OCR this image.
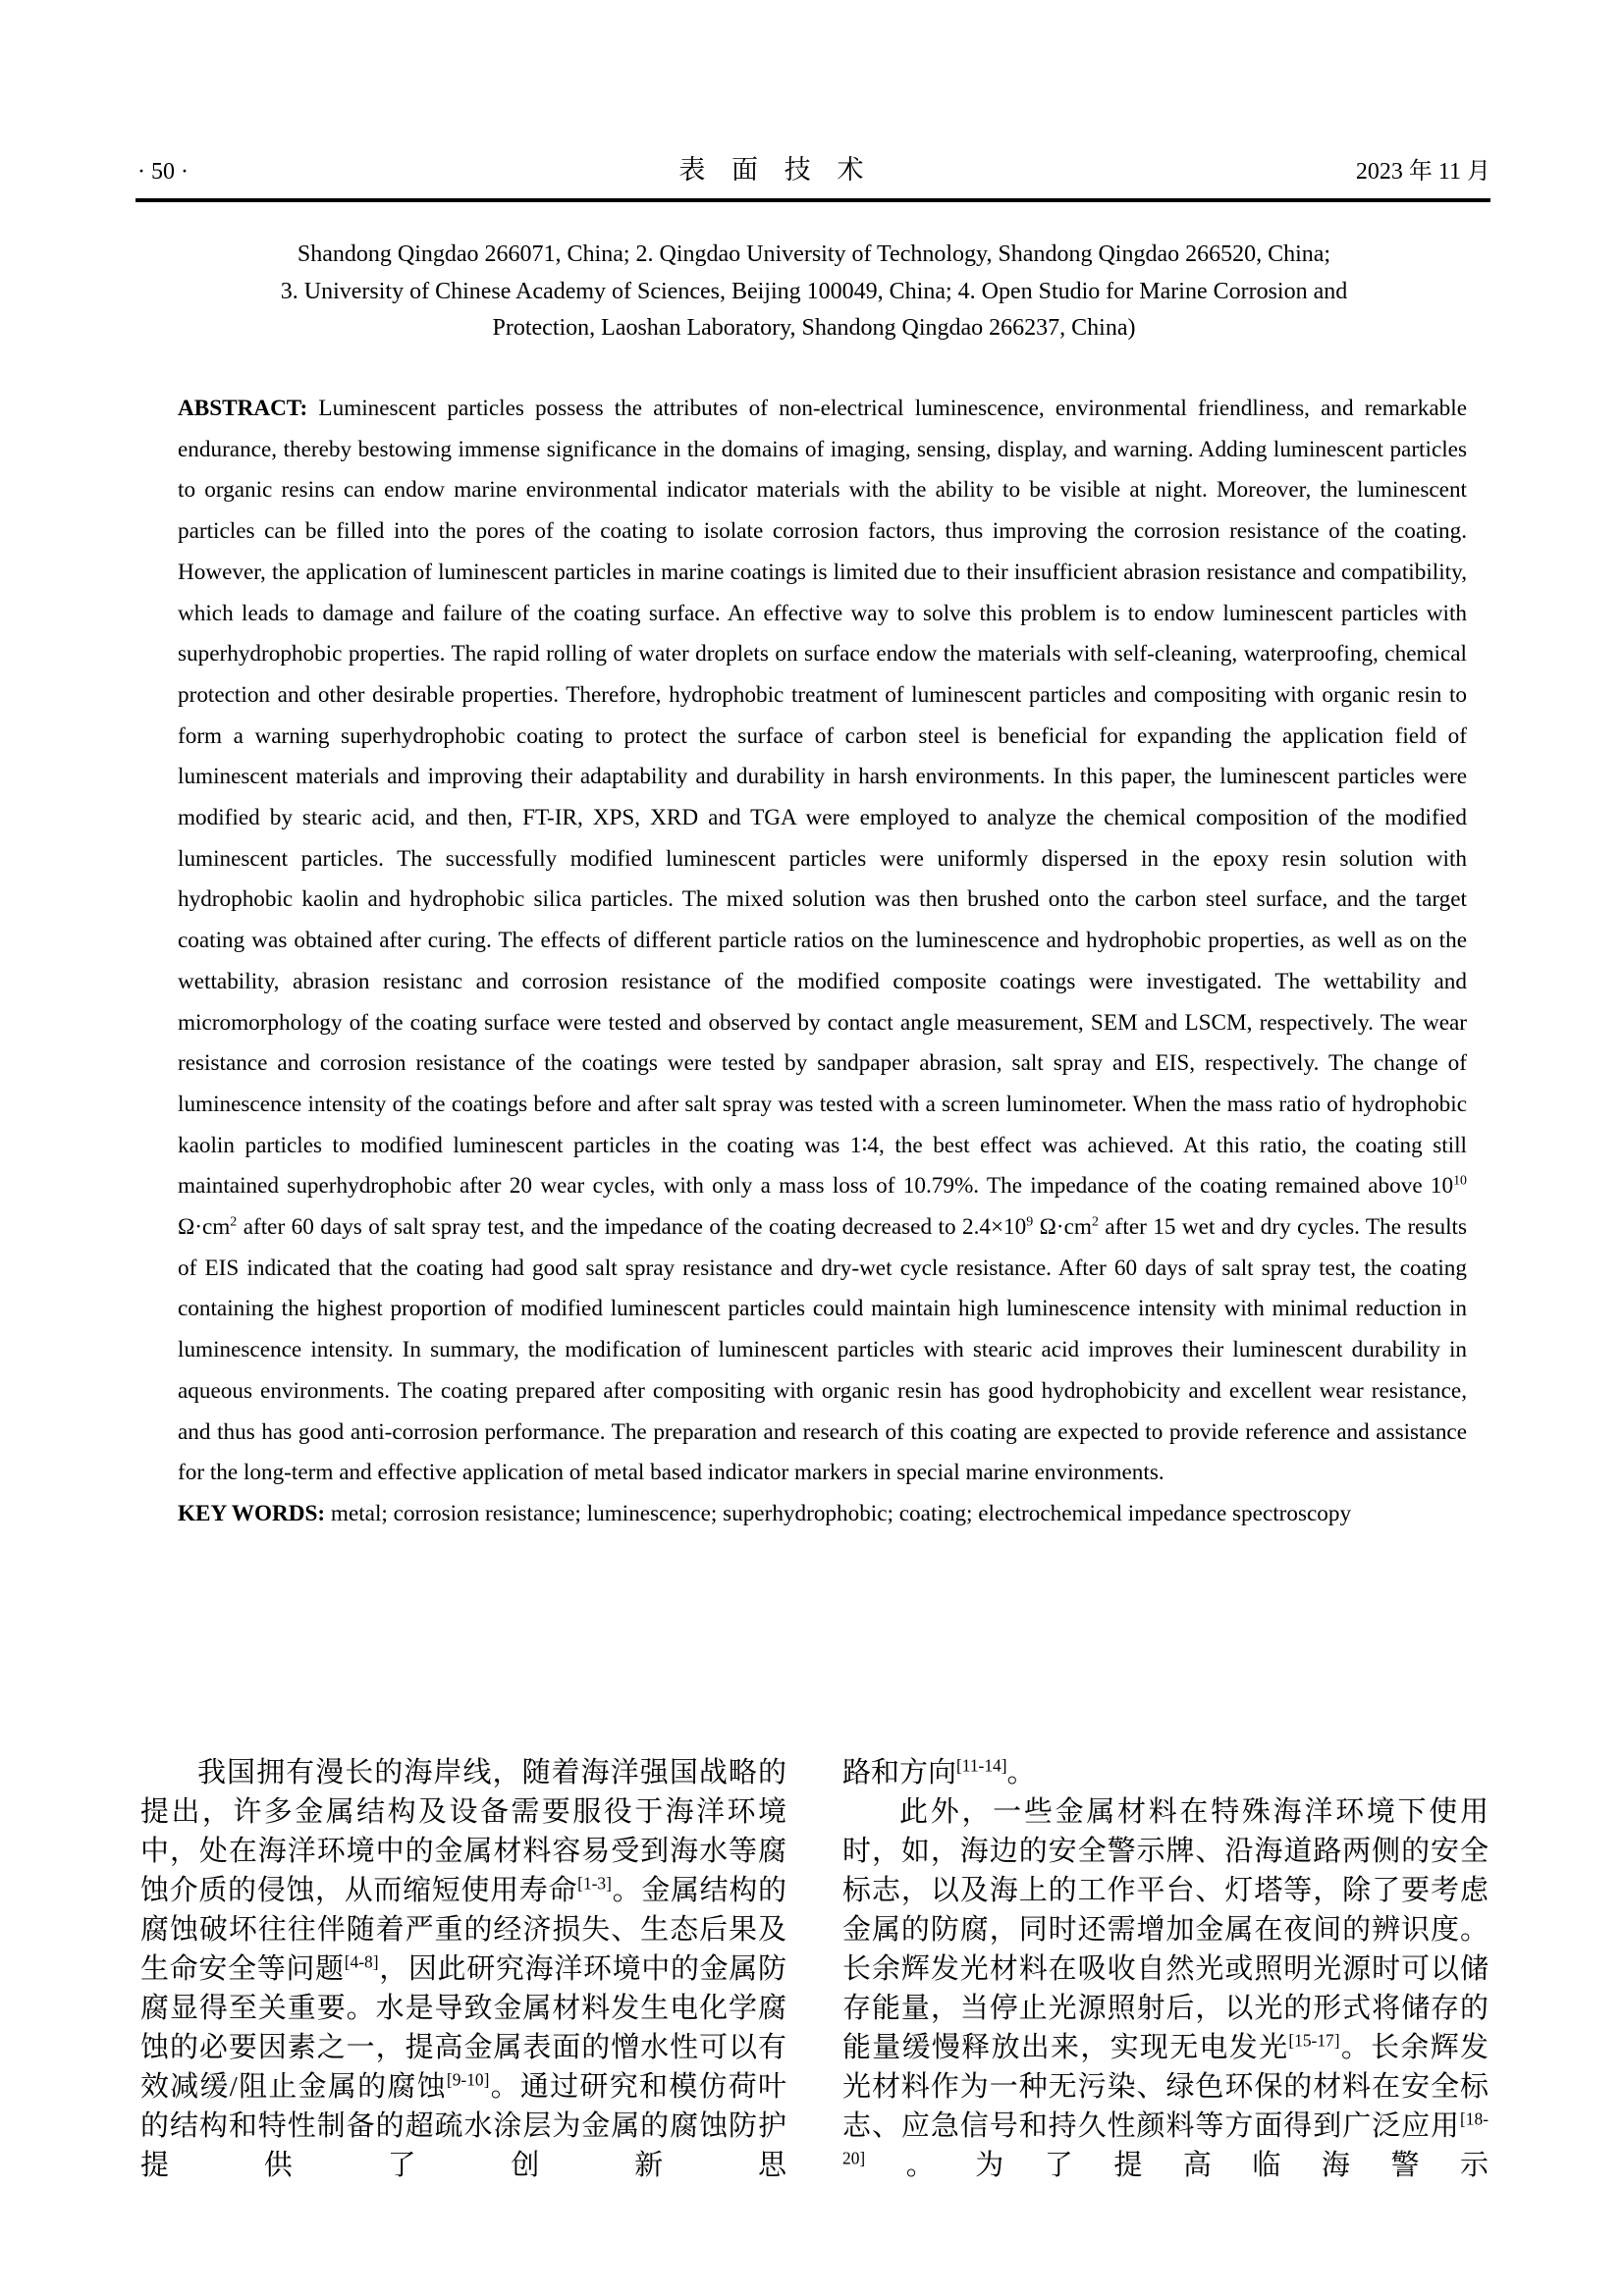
· 50 ·	表 面 技 术	2023 年 11 月
Shandong Qingdao 266071, China; 2. Qingdao University of Technology, Shandong Qingdao 266520, China;
3. University of Chinese Academy of Sciences, Beijing 100049, China; 4. Open Studio for Marine Corrosion and
Protection, Laoshan Laboratory, Shandong Qingdao 266237, China)

ABSTRACT: Luminescent particles possess the attributes of non-electrical luminescence, environmental friendliness, and remarkable endurance, thereby bestowing immense significance in the domains of imaging, sensing, display, and warning. Adding luminescent particles to organic resins can endow marine environmental indicator materials with the ability to be visible at night. Moreover, the luminescent particles can be filled into the pores of the coating to isolate corrosion factors, thus improving the corrosion resistance of the coating. However, the application of luminescent particles in marine coatings is limited due to their insufficient abrasion resistance and compatibility, which leads to damage and failure of the coating surface. An effective way to solve this problem is to endow luminescent particles with superhydrophobic properties. The rapid rolling of water droplets on surface endow the materials with self-cleaning, waterproofing, chemical protection and other desirable properties. Therefore, hydrophobic treatment of luminescent particles and compositing with organic resin to form a warning superhydrophobic coating to protect the surface of carbon steel is beneficial for expanding the application field of luminescent materials and improving their adaptability and durability in harsh environments. In this paper, the luminescent particles were modified by stearic acid, and then, FT-IR, XPS, XRD and TGA were employed to analyze the chemical composition of the modified luminescent particles. The successfully modified luminescent particles were uniformly dispersed in the epoxy resin solution with hydrophobic kaolin and hydrophobic silica particles. The mixed solution was then brushed onto the carbon steel surface, and the target coating was obtained after curing. The effects of different particle ratios on the luminescence and hydrophobic properties, as well as on the wettability, abrasion resistanc and corrosion resistance of the modified composite coatings were investigated. The wettability and micromorphology of the coating surface were tested and observed by contact angle measurement, SEM and LSCM, respectively. The wear resistance and corrosion resistance of the coatings were tested by sandpaper abrasion, salt spray and EIS, respectively. The change of luminescence intensity of the coatings before and after salt spray was tested with a screen luminometer. When the mass ratio of hydrophobic kaolin particles to modified luminescent particles in the coating was 1∶4, the best effect was achieved. At this ratio, the coating still maintained superhydrophobic after 20 wear cycles, with only a mass loss of 10.79%. The impedance of the coating remained above $10^{10}$ $\Omega\cdot cm^2$ after 60 days of salt spray test, and the impedance of the coating decreased to $2.4\times 10^9$ $\Omega\cdot cm^2$ after 15 wet and dry cycles. The results of EIS indicated that the coating had good salt spray resistance and dry-wet cycle resistance. After 60 days of salt spray test, the coating containing the highest proportion of modified luminescent particles could maintain high luminescence intensity with minimal reduction in luminescence intensity. In summary, the modification of luminescent particles with stearic acid improves their luminescent durability in aqueous environments. The coating prepared after compositing with organic resin has good hydrophobicity and excellent wear resistance, and thus has good anti-corrosion performance. The preparation and research of this coating are expected to provide reference and assistance for the long-term and effective application of metal based indicator markers in special marine environments.

KEY WORDS: metal; corrosion resistance; luminescence; superhydrophobic; coating; electrochemical impedance spectroscopy

我国拥有漫长的海岸线，随着海洋强国战略的提出，许多金属结构及设备需要服役于海洋环境中，处在海洋环境中的金属材料容易受到海水等腐蚀介质的侵蚀，从而缩短使用寿命[1-3]。金属结构的腐蚀破坏往往伴随着严重的经济损失、生态后果及生命安全等问题[4-8]，因此研究海洋环境中的金属防腐显得至关重要。水是导致金属材料发生电化学腐蚀的必要因素之一，提高金属表面的憎水性可以有效减缓/阻止金属的腐蚀[9-10]。通过研究和模仿荷叶的结构和特性制备的超疏水涂层为金属的腐蚀防护提供了创新思

路和方向[11-14]。

此外，一些金属材料在特殊海洋环境下使用时，如，海边的安全警示牌、沿海道路两侧的安全标志，以及海上的工作平台、灯塔等，除了要考虑金属的防腐，同时还需增加金属在夜间的辨识度。长余辉发光材料在吸收自然光或照明光源时可以储存能量，当停止光源照射后，以光的形式将储存的能量缓慢释放出来，实现无电发光[15-17]。长余辉发光材料作为一种无污染、绿色环保的材料在安全标志、应急信号和持久性颜料等方面得到广泛应用[18-20]。为了提高临海警示
